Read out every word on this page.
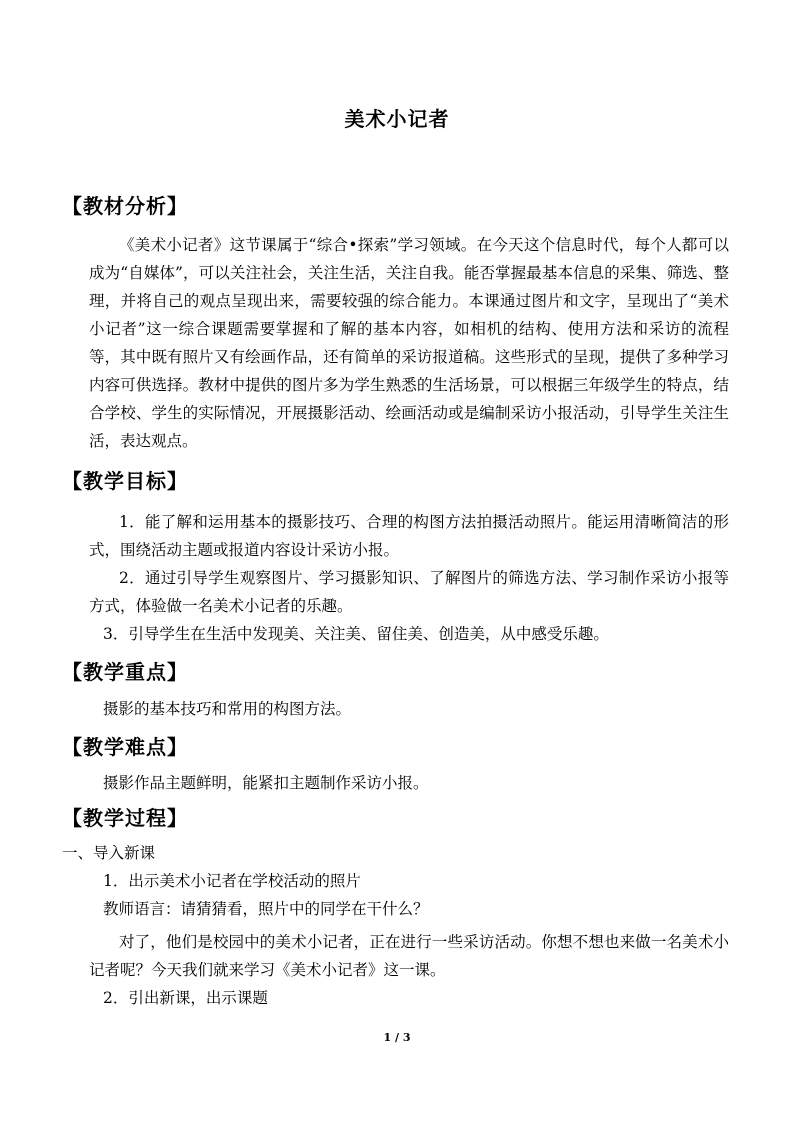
美术小记者
【教材分析】
《美术小记者》这节课属于“综合•探索”学习领域。在今天这个信息时代，每个人都可以成为“自媒体”，可以关注社会，关注生活，关注自我。能否掌握最基本信息的采集、筛选、整理，并将自己的观点呈现出来，需要较强的综合能力。本课通过图片和文字，呈现出了“美术小记者”这一综合课题需要掌握和了解的基本内容，如相机的结构、使用方法和采访的流程等，其中既有照片又有绘画作品，还有简单的采访报道稿。这些形式的呈现，提供了多种学习内容可供选择。教材中提供的图片多为学生熟悉的生活场景，可以根据三年级学生的特点，结合学校、学生的实际情况，开展摄影活动、绘画活动或是编制采访小报活动，引导学生关注生活，表达观点。
【教学目标】
1．能了解和运用基本的摄影技巧、合理的构图方法拍摄活动照片。能运用清晰简洁的形式，围绕活动主题或报道内容设计采访小报。
2．通过引导学生观察图片、学习摄影知识、了解图片的筛选方法、学习制作采访小报等方式，体验做一名美术小记者的乐趣。
3．引导学生在生活中发现美、关注美、留住美、创造美，从中感受乐趣。
【教学重点】
摄影的基本技巧和常用的构图方法。
【教学难点】
摄影作品主题鲜明，能紧扣主题制作采访小报。
【教学过程】
一、导入新课
1．出示美术小记者在学校活动的照片
教师语言：请猜猜看，照片中的同学在干什么？
对了，他们是校园中的美术小记者，正在进行一些采访活动。你想不想也来做一名美术小记者呢？今天我们就来学习《美术小记者》这一课。
2．引出新课，出示课题
1 / 3
